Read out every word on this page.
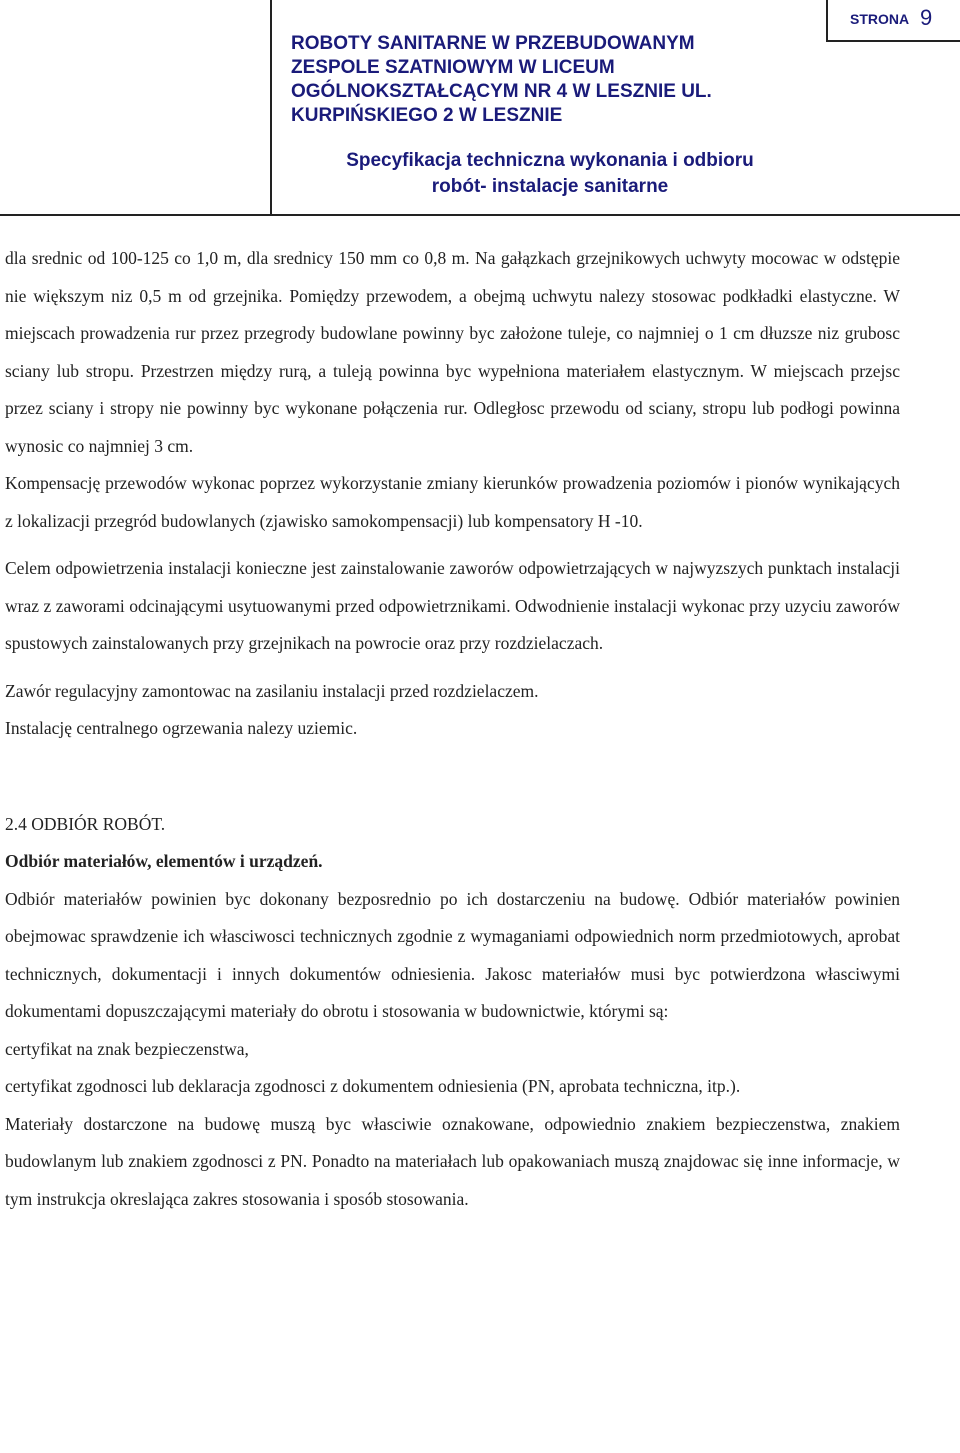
ROBOTY SANITARNE W PRZEBUDOWANYM
ZESPOLE SZATNIOWYM W LICEUM
OGÓLNOKSZTAŁCĄCYM NR 4 W LESZNIE UL.
KURPIŃSKIEGO 2 W LESZNIE
STRONA 9
Specyfikacja techniczna wykonania i odbioru
robót- instalacje sanitarne

dla srednic od 100-125 co 1,0 m, dla srednicy 150 mm co 0,8 m. Na gałązkach grzejnikowych uchwyty mocowac w odstępie nie większym niz 0,5 m od grzejnika. Pomiędzy przewodem, a obejmą uchwytu nalezy stosowac podkładki elastyczne. W miejscach prowadzenia rur przez przegrody budowlane powinny byc założone tuleje, co najmniej o 1 cm dłuzsze niz grubosc sciany lub stropu. Przestrzen między rurą, a tuleją powinna byc wypełniona materiałem elastycznym. W miejscach przejsc przez sciany i stropy nie powinny byc wykonane połączenia rur. Odległosc przewodu od sciany, stropu lub podłogi powinna wynosic co najmniej 3 cm.

Kompensację przewodów wykonac poprzez wykorzystanie zmiany kierunków prowadzenia poziomów i pionów wynikających z lokalizacji przegród budowlanych (zjawisko samokompensacji) lub kompensatory H -10.

Celem odpowietrzenia instalacji konieczne jest zainstalowanie zaworów odpowietrzających w najwyzszych punktach instalacji wraz z zaworami odcinającymi usytuowanymi przed odpowietrznikami. Odwodnienie instalacji wykonac przy uzyciu zaworów spustowych zainstalowanych przy grzejnikach na powrocie oraz przy rozdzielaczach.

Zawór regulacyjny zamontowac na zasilaniu instalacji przed rozdzielaczem.

Instalację centralnego ogrzewania nalezy uziemic.

2.4 ODBIÓR ROBÓT.

Odbiór materiałów, elementów i urządzeń.

Odbiór materiałów powinien byc dokonany bezposrednio po ich dostarczeniu na budowę. Odbiór materiałów powinien obejmowac sprawdzenie ich własciwosci technicznych zgodnie z wymaganiami odpowiednich norm przedmiotowych, aprobat technicznych, dokumentacji i innych dokumentów odniesienia. Jakosc materiałów musi byc potwierdzona własciwymi dokumentami dopuszczającymi materiały do obrotu i stosowania w budownictwie, którymi są:

certyfikat na znak bezpieczenstwa,

certyfikat zgodnosci lub deklaracja zgodnosci z dokumentem odniesienia (PN, aprobata techniczna, itp.).

Materiały dostarczone na budowę muszą byc własciwie oznakowane, odpowiednio znakiem bezpieczenstwa, znakiem budowlanym lub znakiem zgodnosci z PN. Ponadto na materiałach lub opakowaniach muszą znajdowac się inne informacje, w tym instrukcja okreslająca zakres stosowania i sposób stosowania.
